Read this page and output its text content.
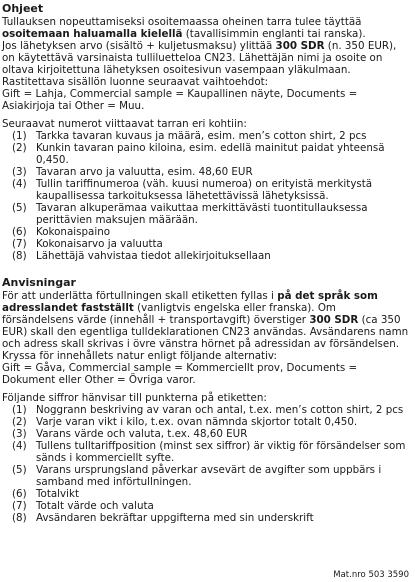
Ohjeet

Tullauksen nopeuttamiseksi osoitemaassa oheinen tarra tulee täyttää osoitemaan haluamalla kielellä (tavallisimmin englanti tai ranska).

Jos lähetyksen arvo (sisältö + kuljetusmaksu) ylittää 300 SDR (n. 350 EUR), on käytettävä varsinaista tulliluetteloa CN23. Lähettäjän nimi ja osoite on oltava kirjoitettuna lähetyksen osoitesivun vasempaan yläkulmaan.

Rastitettava sisällön luonne seuraavat vaihtoehdot:

Gift = Lahja, Commercial sample = Kaupallinen näyte, Documents = Asiakirjoja tai Other = Muu.

Seuraavat numerot viittaavat tarran eri kohtiin:

(1) Tarkka tavaran kuvaus ja määrä, esim. men’s cotton shirt, 2 pcs
(2) Kunkin tavaran paino kiloina, esim. edellä mainitut paidat yhteensä 0,450.
(3) Tavaran arvo ja valuutta, esim. 48,60 EUR
(4) Tullin tariffinumeroa (väh. kuusi numeroa) on erityistä merkitystä kaupallisessa tarkoituksessa lähetettävissä lähetyksissä.
(5) Tavaran alkuperämaa vaikuttaa merkittävästi tuontitullauksessa perittävien maksujen määrään.
(6) Kokonaispaino
(7) Kokonaisarvo ja valuutta
(8) Lähettäjä vahvistaa tiedot allekirjoituksellaan
Anvisningar

För att underlätta förtullningen skall etiketten fyllas i på det språk som adresslandet fastställt (vanligtvis engelska eller franska). Om försändelsens värde (innehåll + transportavgift) överstiger 300 SDR (ca 350 EUR) skall den egentliga tulldeklarationen CN23 användas. Avsändarens namn och adress skall skrivas i övre vänstra hörnet på adressidan av försändelsen.

Kryssa för innehållets natur enligt följande alternativ:

Gift = Gåva, Commercial sample = Kommerciellt prov, Documents = Dokument eller Other = Övriga varor.

Följande siffror hänvisar till punkterna på etiketten:

(1) Noggrann beskriving av varan och antal, t.ex. men’s cotton shirt, 2 pcs
(2) Varje varan vikt i kilo, t.ex. ovan nämnda skjortor totalt 0,450.
(3) Varans värde och valuta, t.ex. 48,60 EUR
(4) Tullens tulltariffposition (minst sex siffror) är viktig för försändelser som sänds i kommerciellt syfte.
(5) Varans ursprungsland påverkar avsevärt de avgifter som uppbärs i samband med införtullningen.
(6) Totalvikt
(7) Totalt värde och valuta
(8) Avsändaren bekräftar uppgifterna med sin underskrift
Mat.nro 503 3590
